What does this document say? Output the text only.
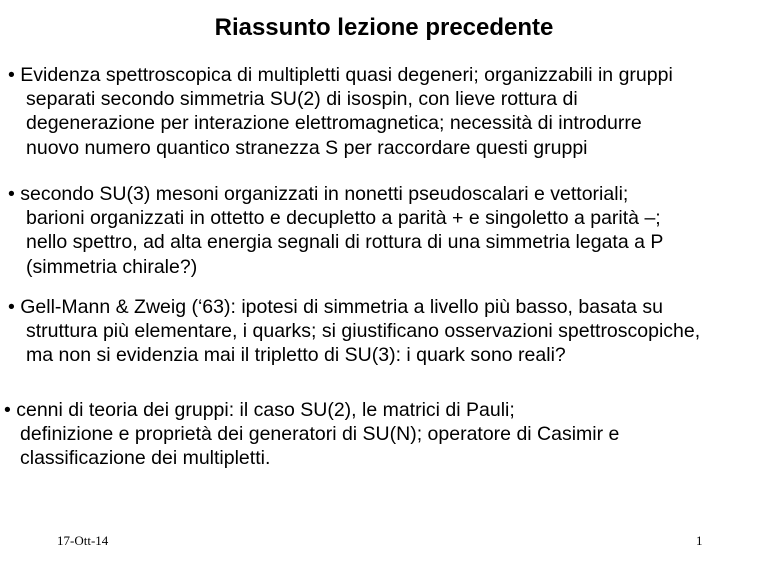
Riassunto lezione precedente
• Evidenza spettroscopica di multipletti quasi degeneri; organizzabili in gruppi
separati secondo simmetria SU(2) di isospin, con lieve rottura di
degenerazione per interazione elettromagnetica; necessità di introdurre
nuovo numero quantico stranezza S per raccordare questi gruppi
• secondo SU(3) mesoni organizzati in nonetti pseudoscalari e vettoriali;
barioni organizzati in ottetto e decupletto a parità + e singoletto a parità –;
nello spettro, ad alta energia segnali di rottura di una simmetria legata a P
(simmetria chirale?)
• Gell-Mann & Zweig (‘63): ipotesi di simmetria a livello più basso, basata su
struttura più elementare, i quarks; si giustificano osservazioni spettroscopiche,
ma non si evidenzia mai il tripletto di SU(3): i quark sono reali?
• cenni di teoria dei gruppi: il caso SU(2), le matrici di Pauli;
definizione e proprietà dei generatori di SU(N); operatore di Casimir e
classificazione dei multipletti.
17-Ott-14	1
